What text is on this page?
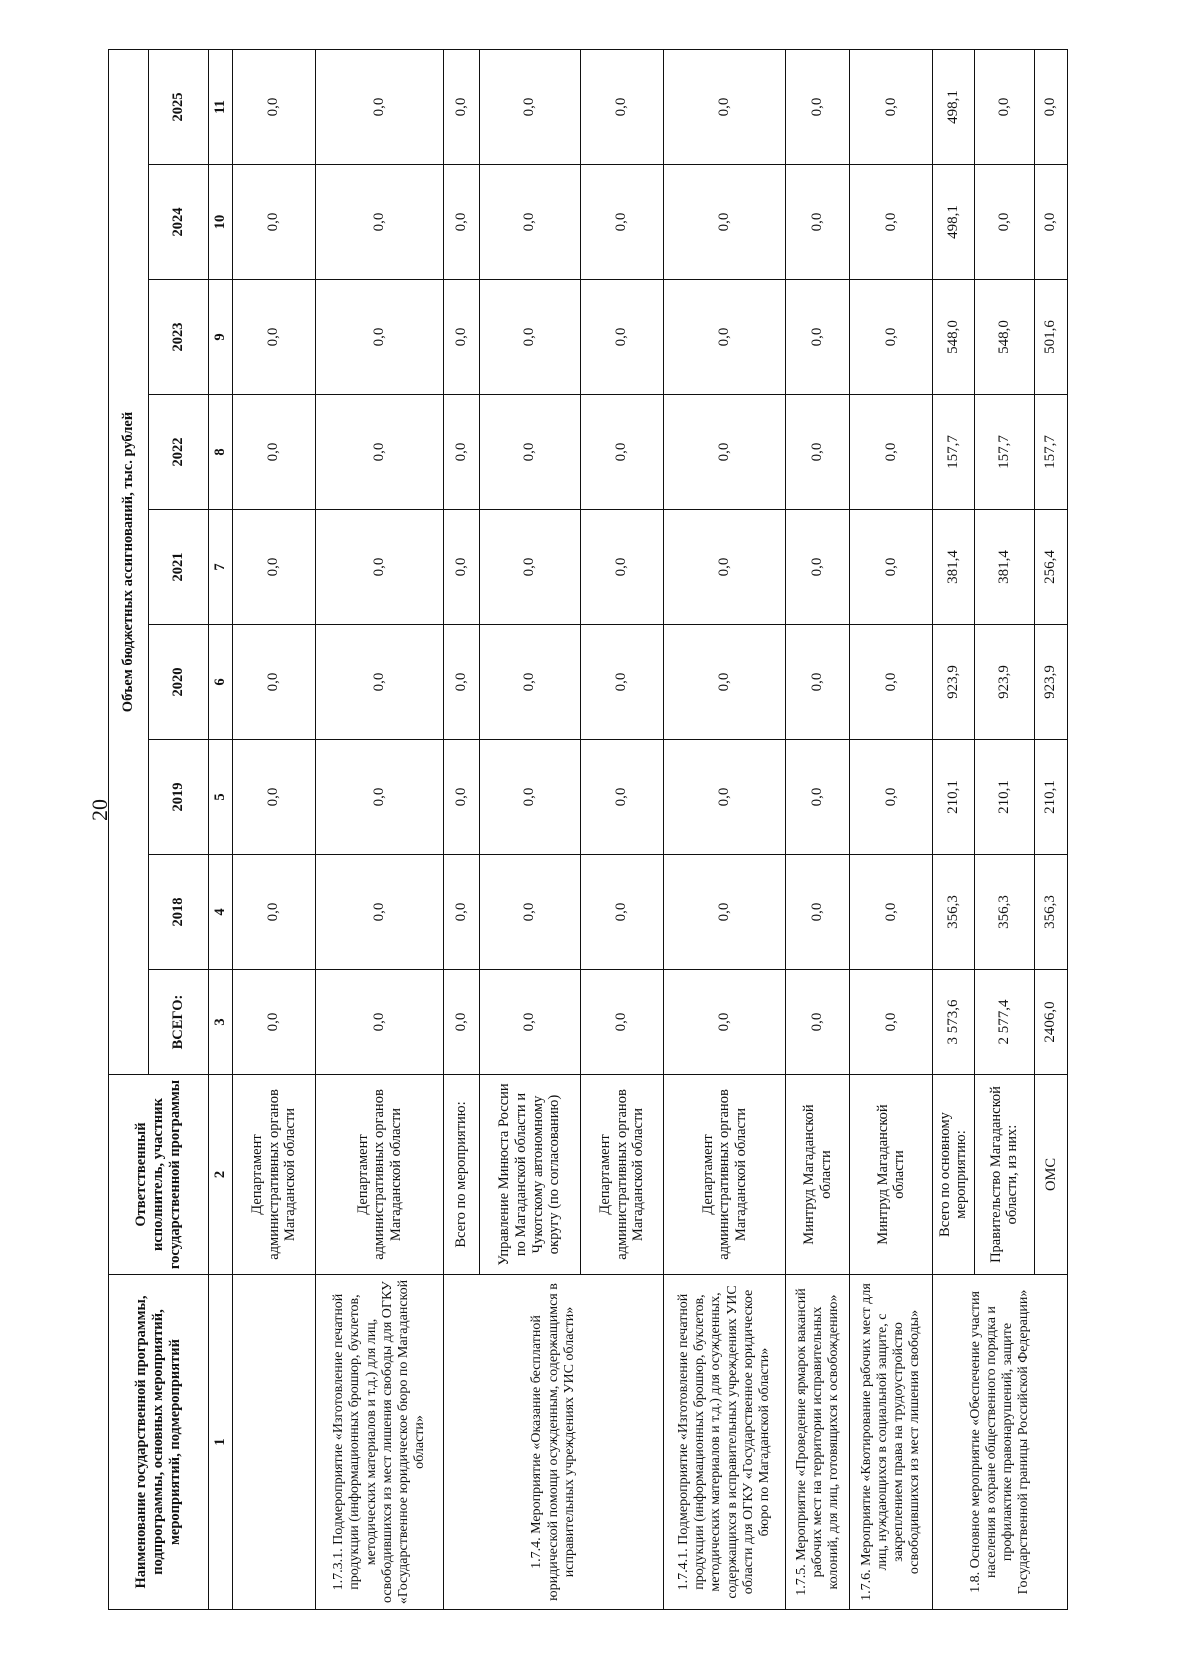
20
Наименование государственной программы, подпрограммы, основных мероприятий, мероприятий, подмероприятий	Ответственный исполнитель, участник государственной программы	Объем бюджетных ассигнований, тыс. рублей								
		ВСЕГО:	2018	2019	2020	2021	2022	2023	2024	2025
1	2	3	4	5	6	7	8	9	10	11
	Департамент административных органов Магаданской области	0,0	0,0	0,0	0,0	0,0	0,0	0,0	0,0	0,0
1.7.3.1. Подмероприятие «Изготовление печатной продукции (информационных брошюр, буклетов, методических материалов и т.д.) для лиц, освободившихся из мест лишения свободы для ОГКУ «Государственное юридическое бюро по Магаданской области»	Департамент административных органов Магаданской области	0,0	0,0	0,0	0,0	0,0	0,0	0,0	0,0	0,0
1.7.4. Мероприятие «Оказание бесплатной юридической помощи осужденным, содержащимся в исправительных учреждениях УИС области»	Всего по мероприятию:	0,0	0,0	0,0	0,0	0,0	0,0	0,0	0,0	0,0
	Управление Минюста России по Магаданской области и Чукотскому автономному округу (по согласованию)	0,0	0,0	0,0	0,0	0,0	0,0	0,0	0,0	0,0
	Департамент административных органов Магаданской области	0,0	0,0	0,0	0,0	0,0	0,0	0,0	0,0	0,0
1.7.4.1. Подмероприятие «Изготовление печатной продукции (информационных брошюр, буклетов, методических материалов и т.д.) для осужденных, содержащихся в исправительных учреждениях УИС области для ОГКУ «Государственное юридическое бюро по Магаданской области»	Департамент административных органов Магаданской области	0,0	0,0	0,0	0,0	0,0	0,0	0,0	0,0	0,0
1.7.5. Мероприятие «Проведение ярмарок вакансий рабочих мест на территории исправительных колоний, для лиц, готовящихся к освобождению»	Минтруд Магаданской области	0,0	0,0	0,0	0,0	0,0	0,0	0,0	0,0	0,0
1.7.6. Мероприятие «Квотирование рабочих мест для лиц, нуждающихся в социальной защите, с закреплением права на трудоустройство освободившихся из мест лишения свободы»	Минтруд Магаданской области	0,0	0,0	0,0	0,0	0,0	0,0	0,0	0,0	0,0
1.8. Основное мероприятие «Обеспечение участия населения в охране общественного порядка и профилактике правонарушений, защите Государственной границы Российской Федерации»	Всего по основному мероприятию:	3 573,6	356,3	210,1	923,9	381,4	157,7	548,0	498,1	498,1
	Правительство Магаданской области, из них:	2 577,4	356,3	210,1	923,9	381,4	157,7	548,0	0,0	0,0
	ОМС	2406,0	356,3	210,1	923,9	256,4	157,7	501,6	0,0	0,0
